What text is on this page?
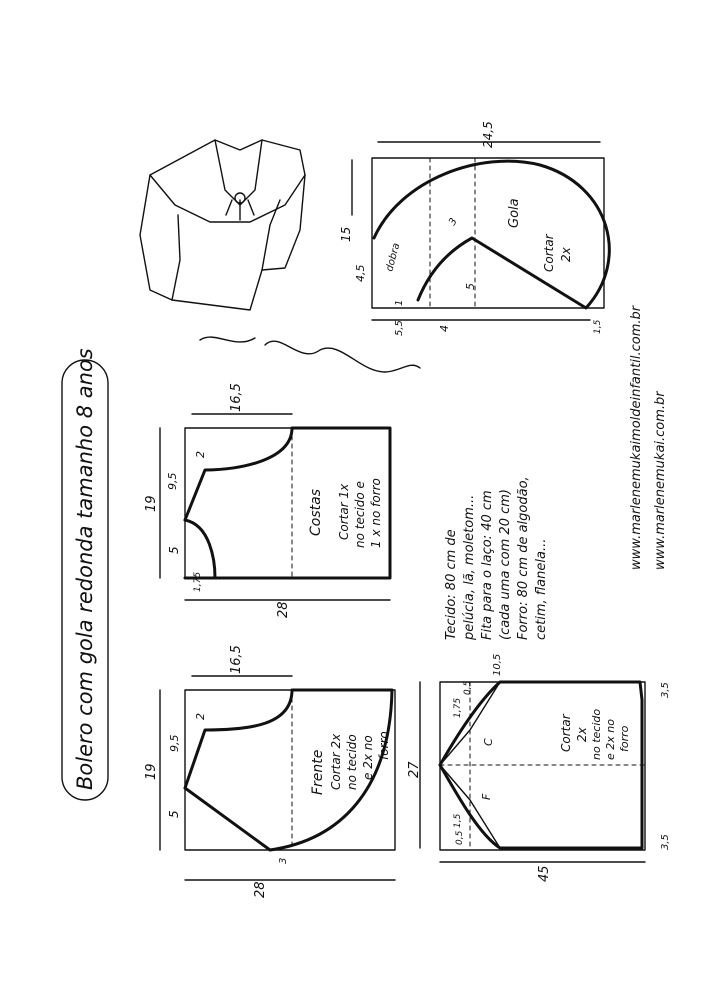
Bolero com gola redonda tamanho 8 anos
Gola
Cortar 2x
dobra
24,5
15
4,5
5
1
3
5,5	4	1,5
Costas Cortar 1x no tecido e 1 x no forro
19
16,5
2
9,5
5
1,75
28
Frente Cortar 2x no tecido e 2x no forro
19
16,5
2
9,5
5
3
28
C
F
Cortar 2x no tecido e 2x no forro
27
45
10,5
3,5
3,5
1,75
0,5
1,5
0,5
Tecido: 80 cm de pelúcia, lã, moletom... Fita para o laço: 40 cm (cada uma com 20 cm) Forro: 80 cm de algodão, cetim, flanela...
www.marlenemukaimoldeinfantil.com.br www.marlenemukai.com.br
